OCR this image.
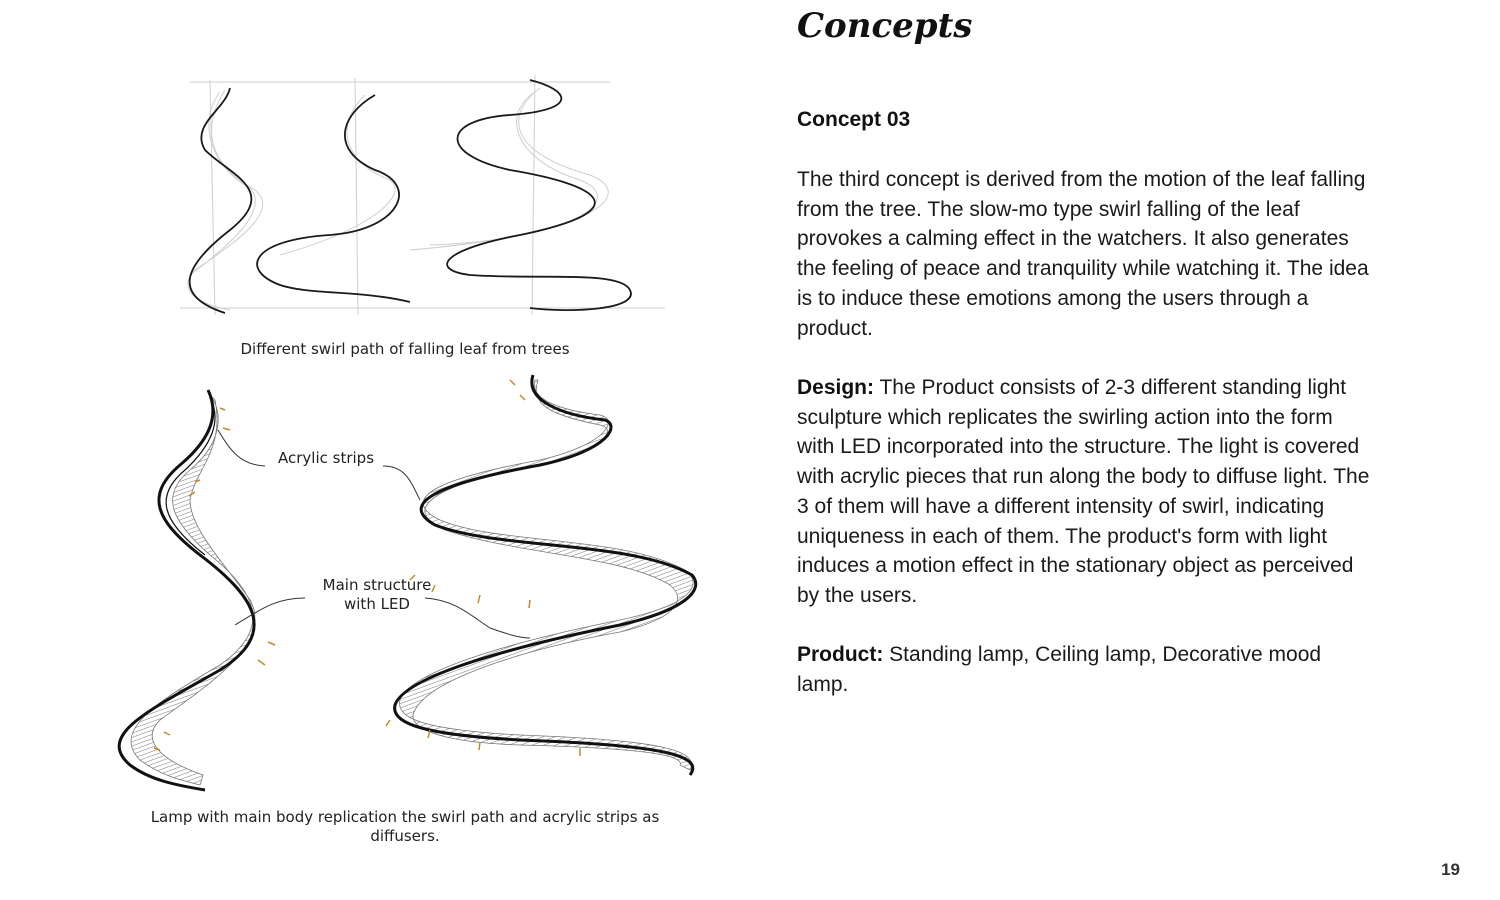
Different swirl path of falling leaf from trees
Acrylic strips
Main structure
with LED
Lamp with main body replication the swirl path and acrylic strips as diffusers.
Concepts
Concept 03

The third concept is derived from the motion of the leaf falling from the tree. The slow-mo type swirl falling of the leaf provokes a calming effect in the watchers. It also generates the feeling of peace and tranquility while watching it. The idea is to induce these emotions among the users through a product.

Design: The Product consists of 2-3 different standing light sculpture which replicates the swirling action into the form with LED incorporated into the structure. The light is covered with acrylic pieces that run along the body to diffuse light. The 3 of them will have a different intensity of swirl, indicating uniqueness in each of them. The product's form with light induces a motion effect in the stationary object as perceived by the users.

Product: Standing lamp, Ceiling lamp, Decorative mood lamp.

19
